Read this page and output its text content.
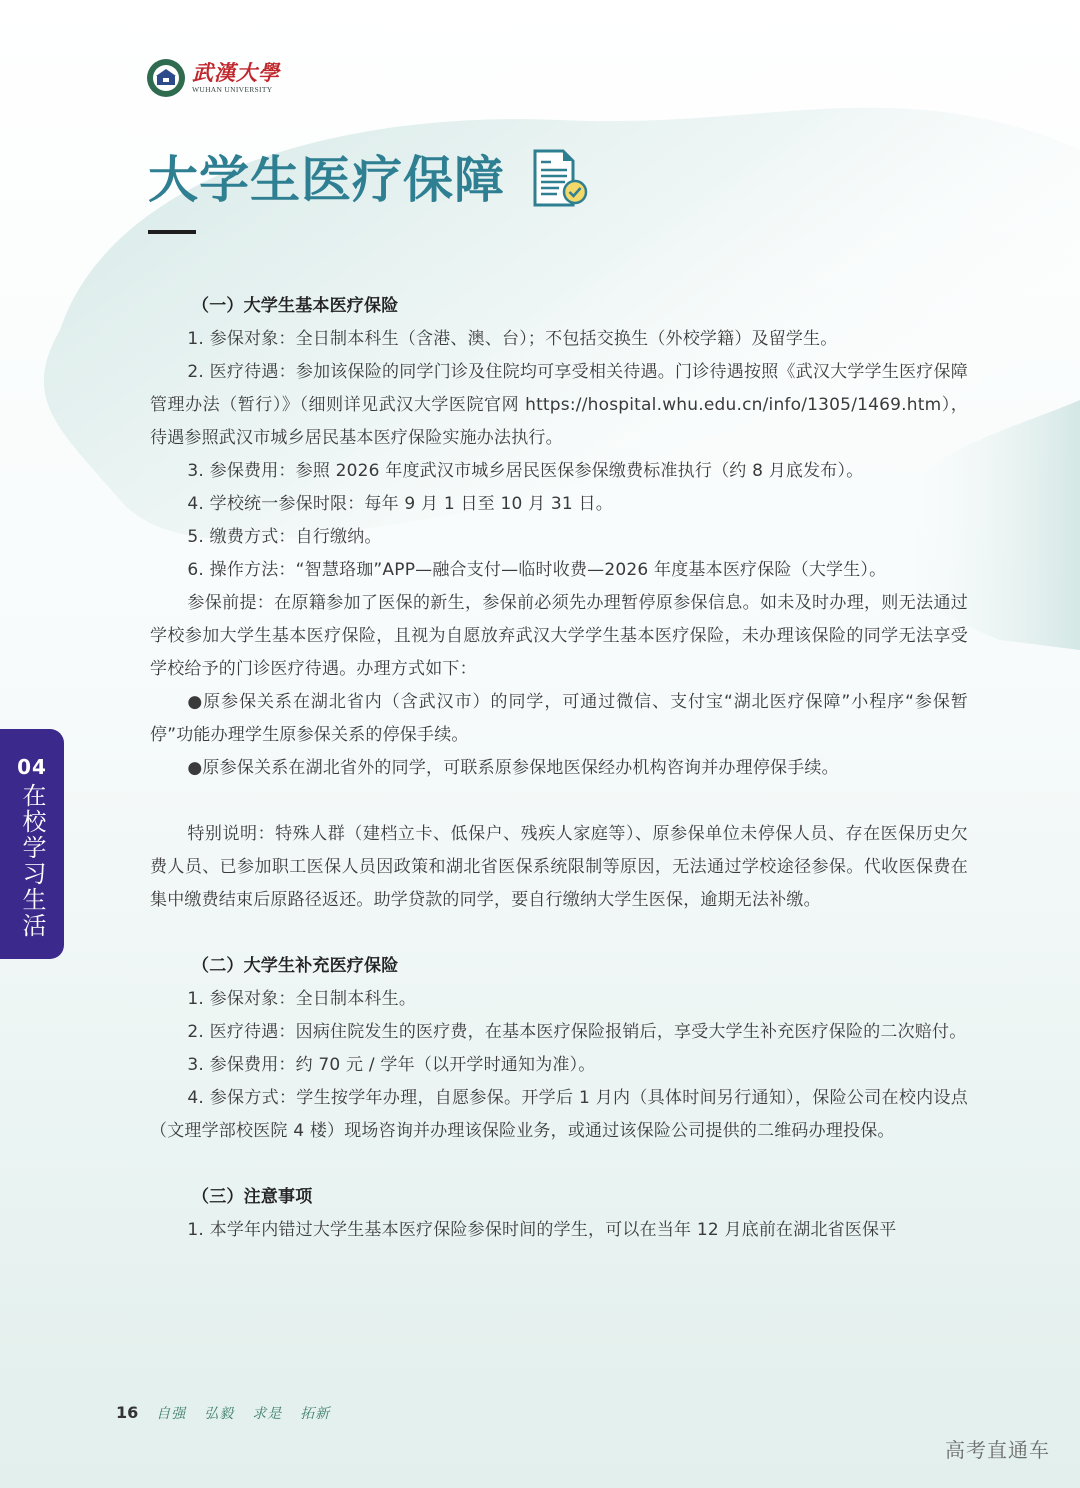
武漢大學
WUHAN UNIVERSITY
大学生医疗保障
（一）大学生基本医疗保险

1. 参保对象：全日制本科生（含港、澳、台）；不包括交换生（外校学籍）及留学生。

2. 医疗待遇：参加该保险的同学门诊及住院均可享受相关待遇。门诊待遇按照《武汉大学学生医疗保障管理办法（暂行）》（细则详见武汉大学医院官网 https://hospital.whu.edu.cn/info/1305/1469.htm），待遇参照武汉市城乡居民基本医疗保险实施办法执行。

3. 参保费用：参照 2026 年度武汉市城乡居民医保参保缴费标准执行（约 8 月底发布）。

4. 学校统一参保时限：每年 9 月 1 日至 10 月 31 日。

5. 缴费方式：自行缴纳。

6. 操作方法：“智慧珞珈”APP—融合支付—临时收费—2026 年度基本医疗保险（大学生）。

参保前提：在原籍参加了医保的新生，参保前必须先办理暂停原参保信息。如未及时办理，则无法通过学校参加大学生基本医疗保险，且视为自愿放弃武汉大学学生基本医疗保险，未办理该保险的同学无法享受学校给予的门诊医疗待遇。办理方式如下：

●原参保关系在湖北省内（含武汉市）的同学，可通过微信、支付宝“湖北医疗保障”小程序“参保暂停”功能办理学生原参保关系的停保手续。

●原参保关系在湖北省外的同学，可联系原参保地医保经办机构咨询并办理停保手续。

特别说明：特殊人群（建档立卡、低保户、残疾人家庭等）、原参保单位未停保人员、存在医保历史欠费人员、已参加职工医保人员因政策和湖北省医保系统限制等原因，无法通过学校途径参保。代收医保费在集中缴费结束后原路径返还。助学贷款的同学，要自行缴纳大学生医保，逾期无法补缴。

（二）大学生补充医疗保险

1. 参保对象：全日制本科生。

2. 医疗待遇：因病住院发生的医疗费，在基本医疗保险报销后，享受大学生补充医疗保险的二次赔付。

3. 参保费用：约 70 元 / 学年（以开学时通知为准）。

4. 参保方式：学生按学年办理，自愿参保。开学后 1 月内（具体时间另行通知），保险公司在校内设点（文理学部校医院 4 楼）现场咨询并办理该保险业务，或通过该保险公司提供的二维码办理投保。

（三）注意事项

1. 本学年内错过大学生基本医疗保险参保时间的学生，可以在当年 12 月底前在湖北省医保平

04
在校学习生活
16 自强 弘毅 求是 拓新
高考直通车
